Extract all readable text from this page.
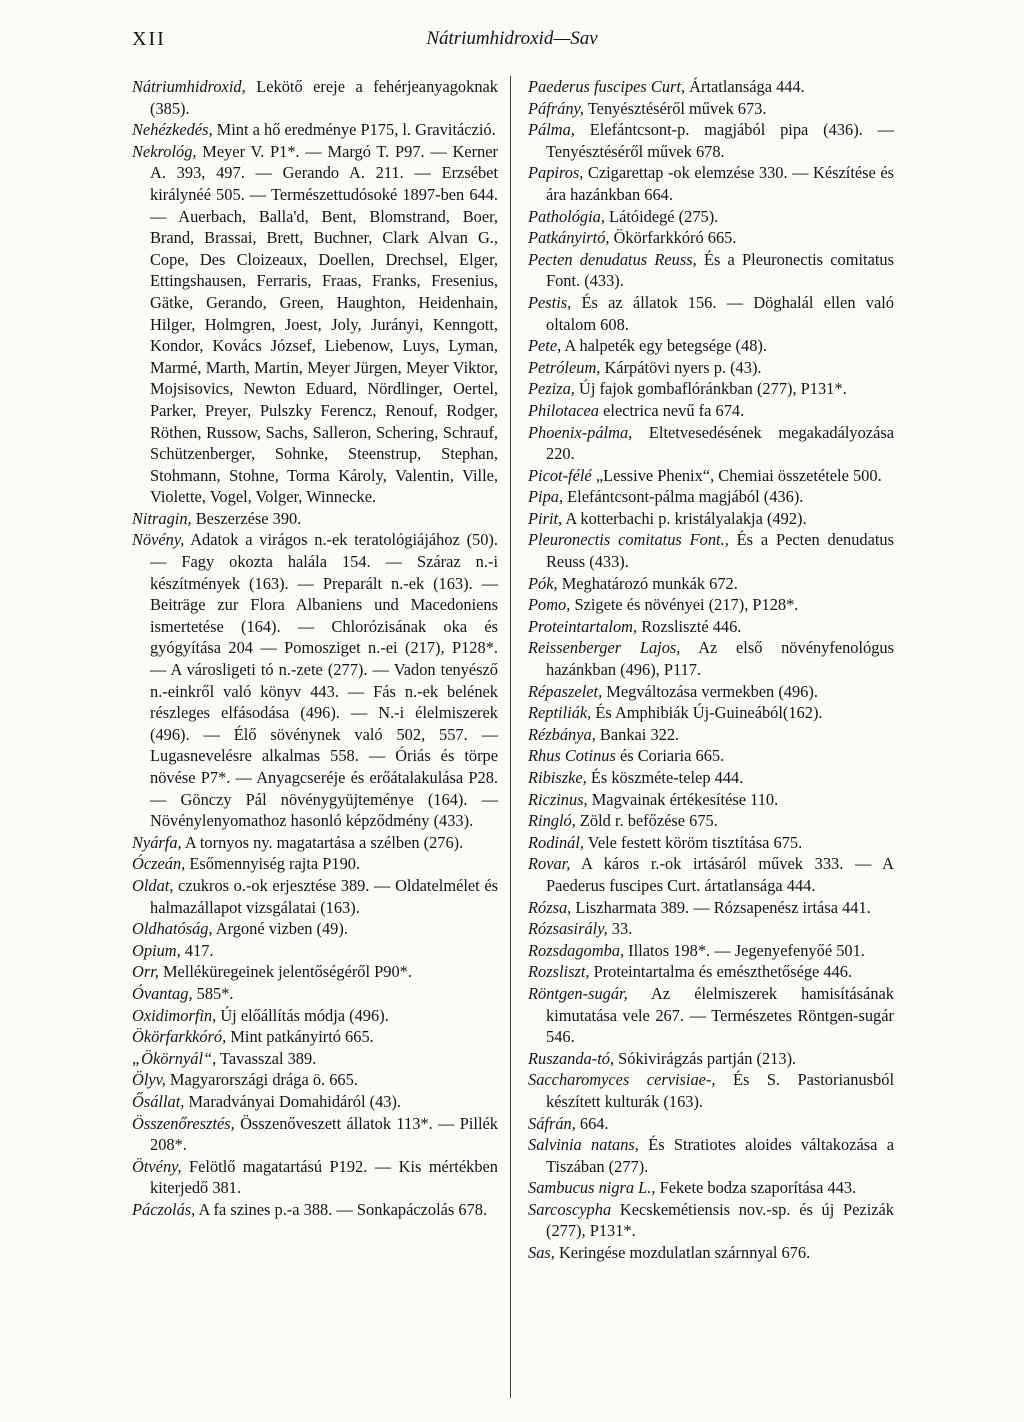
XII	Nátriumhidroxid—Sav

Nátriumhidroxid, Lekötő ereje a fehérjeanyagoknak (385).

Nehézkedés, Mint a hő eredménye P175, l. Gravitáczió.

Nekrológ, Meyer V. P1*. — Margó T. P97. — Kerner A. 393, 497. — Gerando A. 211. — Erzsébet királynéé 505. — Természettudósoké 1897-ben 644. — Auerbach, Balla'd, Bent, Blomstrand, Boer, Brand, Brassai, Brett, Buchner, Clark Alvan G., Cope, Des Cloizeaux, Doellen, Drechsel, Elger, Ettingshausen, Ferraris, Fraas, Franks, Fresenius, Gätke, Gerando, Green, Haughton, Heidenhain, Hilger, Holmgren, Joest, Joly, Jurányi, Kenngott, Kondor, Kovács József, Liebenow, Luys, Lyman, Marmé, Marth, Martin, Meyer Jürgen, Meyer Viktor, Mojsisovics, Newton Eduard, Nördlinger, Oertel, Parker, Preyer, Pulszky Ferencz, Renouf, Rodger, Röthen, Russow, Sachs, Salleron, Schering, Schrauf, Schützenberger, Sohnke, Steenstrup, Stephan, Stohmann, Stohne, Torma Károly, Valentin, Ville, Violette, Vogel, Volger, Winnecke.

Nitragin, Beszerzése 390.

Növény, Adatok a virágos n.-ek teratológiájához (50). — Fagy okozta halála 154. — Száraz n.-i készítmények (163). — Preparált n.-ek (163). — Beiträge zur Flora Albaniens und Macedoniens ismertetése (164). — Chlorózisának oka és gyógyítása 204 — Pomosziget n.-ei (217), P128*. — A városligeti tó n.-zete (277). — Vadon tenyésző n.-einkről való könyv 443. — Fás n.-ek belének részleges elfásodása (496). — N.-i élelmiszerek (496). — Élő sövénynek való 502, 557. — Lugasnevelésre alkalmas 558. — Óriás és törpe növése P7*. — Anyagcseréje és erőátalakulása P28. — Gönczy Pál növénygyüjteménye (164). — Növénylenyomathoz hasonló képződmény (433).

Nyárfa, A tornyos ny. magatartása a szélben (276).

Óczeán, Esőmennyiség rajta P190.

Oldat, czukros o.-ok erjesztése 389. — Oldatelmélet és halmazállapot vizsgálatai (163).

Oldhatóság, Argoné vizben (49).

Opium, 417.

Orr, Melléküregeinek jelentőségéről P90*.

Óvantag, 585*.

Oxidimorfin, Új előállítás módja (496).

Ökörfarkkóró, Mint patkányirtó 665.

„Ökörnyál“, Tavasszal 389.

Ölyv, Magyarországi drága ö. 665.

Ősállat, Maradványai Domahidáról (43).

Összenőresztés, Összenőveszett állatok 113*. — Pillék 208*.

Ötvény, Felötlő magatartású P192. — Kis mértékben kiterjedő 381.

Páczolás, A fa szines p.-a 388. — Sonkapáczolás 678.

Paederus fuscipes Curt, Ártatlansága 444.

Páfrány, Tenyésztéséről művek 673.

Pálma, Elefántcsont-p. magjából pipa (436). — Tenyésztéséről művek 678.

Papiros, Czigarettap -ok elemzése 330. — Készítése és ára hazánkban 664.

Pathológia, Látóidegé (275).

Patkányirtó, Ökörfarkkóró 665.

Pecten denudatus Reuss, És a Pleuronectis comitatus Font. (433).

Pestis, És az állatok 156. — Döghalál ellen való oltalom 608.

Pete, A halpeték egy betegsége (48).

Petróleum, Kárpátövi nyers p. (43).

Peziza, Új fajok gombaflóránkban (277), P131*.

Philotacea electrica nevű fa 674.

Phoenix-pálma, Eltetvesedésének megakadályozása 220.

Picot-félé „Lessive Phenix“, Chemiai összetétele 500.

Pipa, Elefántcsont-pálma magjából (436).

Pirit, A kotterbachi p. kristályalakja (492).

Pleuronectis comitatus Font., És a Pecten denudatus Reuss (433).

Pók, Meghatározó munkák 672.

Pomo, Szigete és növényei (217), P128*.

Proteintartalom, Rozsliszté 446.

Reissenberger Lajos, Az első növényfenológus hazánkban (496), P117.

Répaszelet, Megváltozása vermekben (496).

Reptiliák, És Amphibiák Új-Guineából(162).

Rézbánya, Bankai 322.

Rhus Cotinus és Coriaria 665.

Ribiszke, És köszméte-telep 444.

Riczinus, Magvainak értékesítése 110.

Ringló, Zöld r. befőzése 675.

Rodinál, Vele festett köröm tisztítása 675.

Rovar, A káros r.-ok irtásáról művek 333. — A Paederus fuscipes Curt. ártatlansága 444.

Rózsa, Liszharmata 389. — Rózsapenész irtása 441.

Rózsasirály, 33.

Rozsdagomba, Illatos 198*. — Jegenyefenyőé 501.

Rozsliszt, Proteintartalma és emészthetősége 446.

Röntgen-sugár, Az élelmiszerek hamisításának kimutatása vele 267. — Természetes Röntgen-sugár 546.

Ruszanda-tó, Sókivirágzás partján (213).

Saccharomyces cervisiae-, És S. Pastorianusból készített kulturák (163).

Sáfrán, 664.

Salvinia natans, És Stratiotes aloides váltakozása a Tiszában (277).

Sambucus nigra L., Fekete bodza szaporítása 443.

Sarcoscypha Kecskemétiensis nov.-sp. és új Pezizák (277), P131*.

Sas, Keringése mozdulatlan szárnnyal 676.
